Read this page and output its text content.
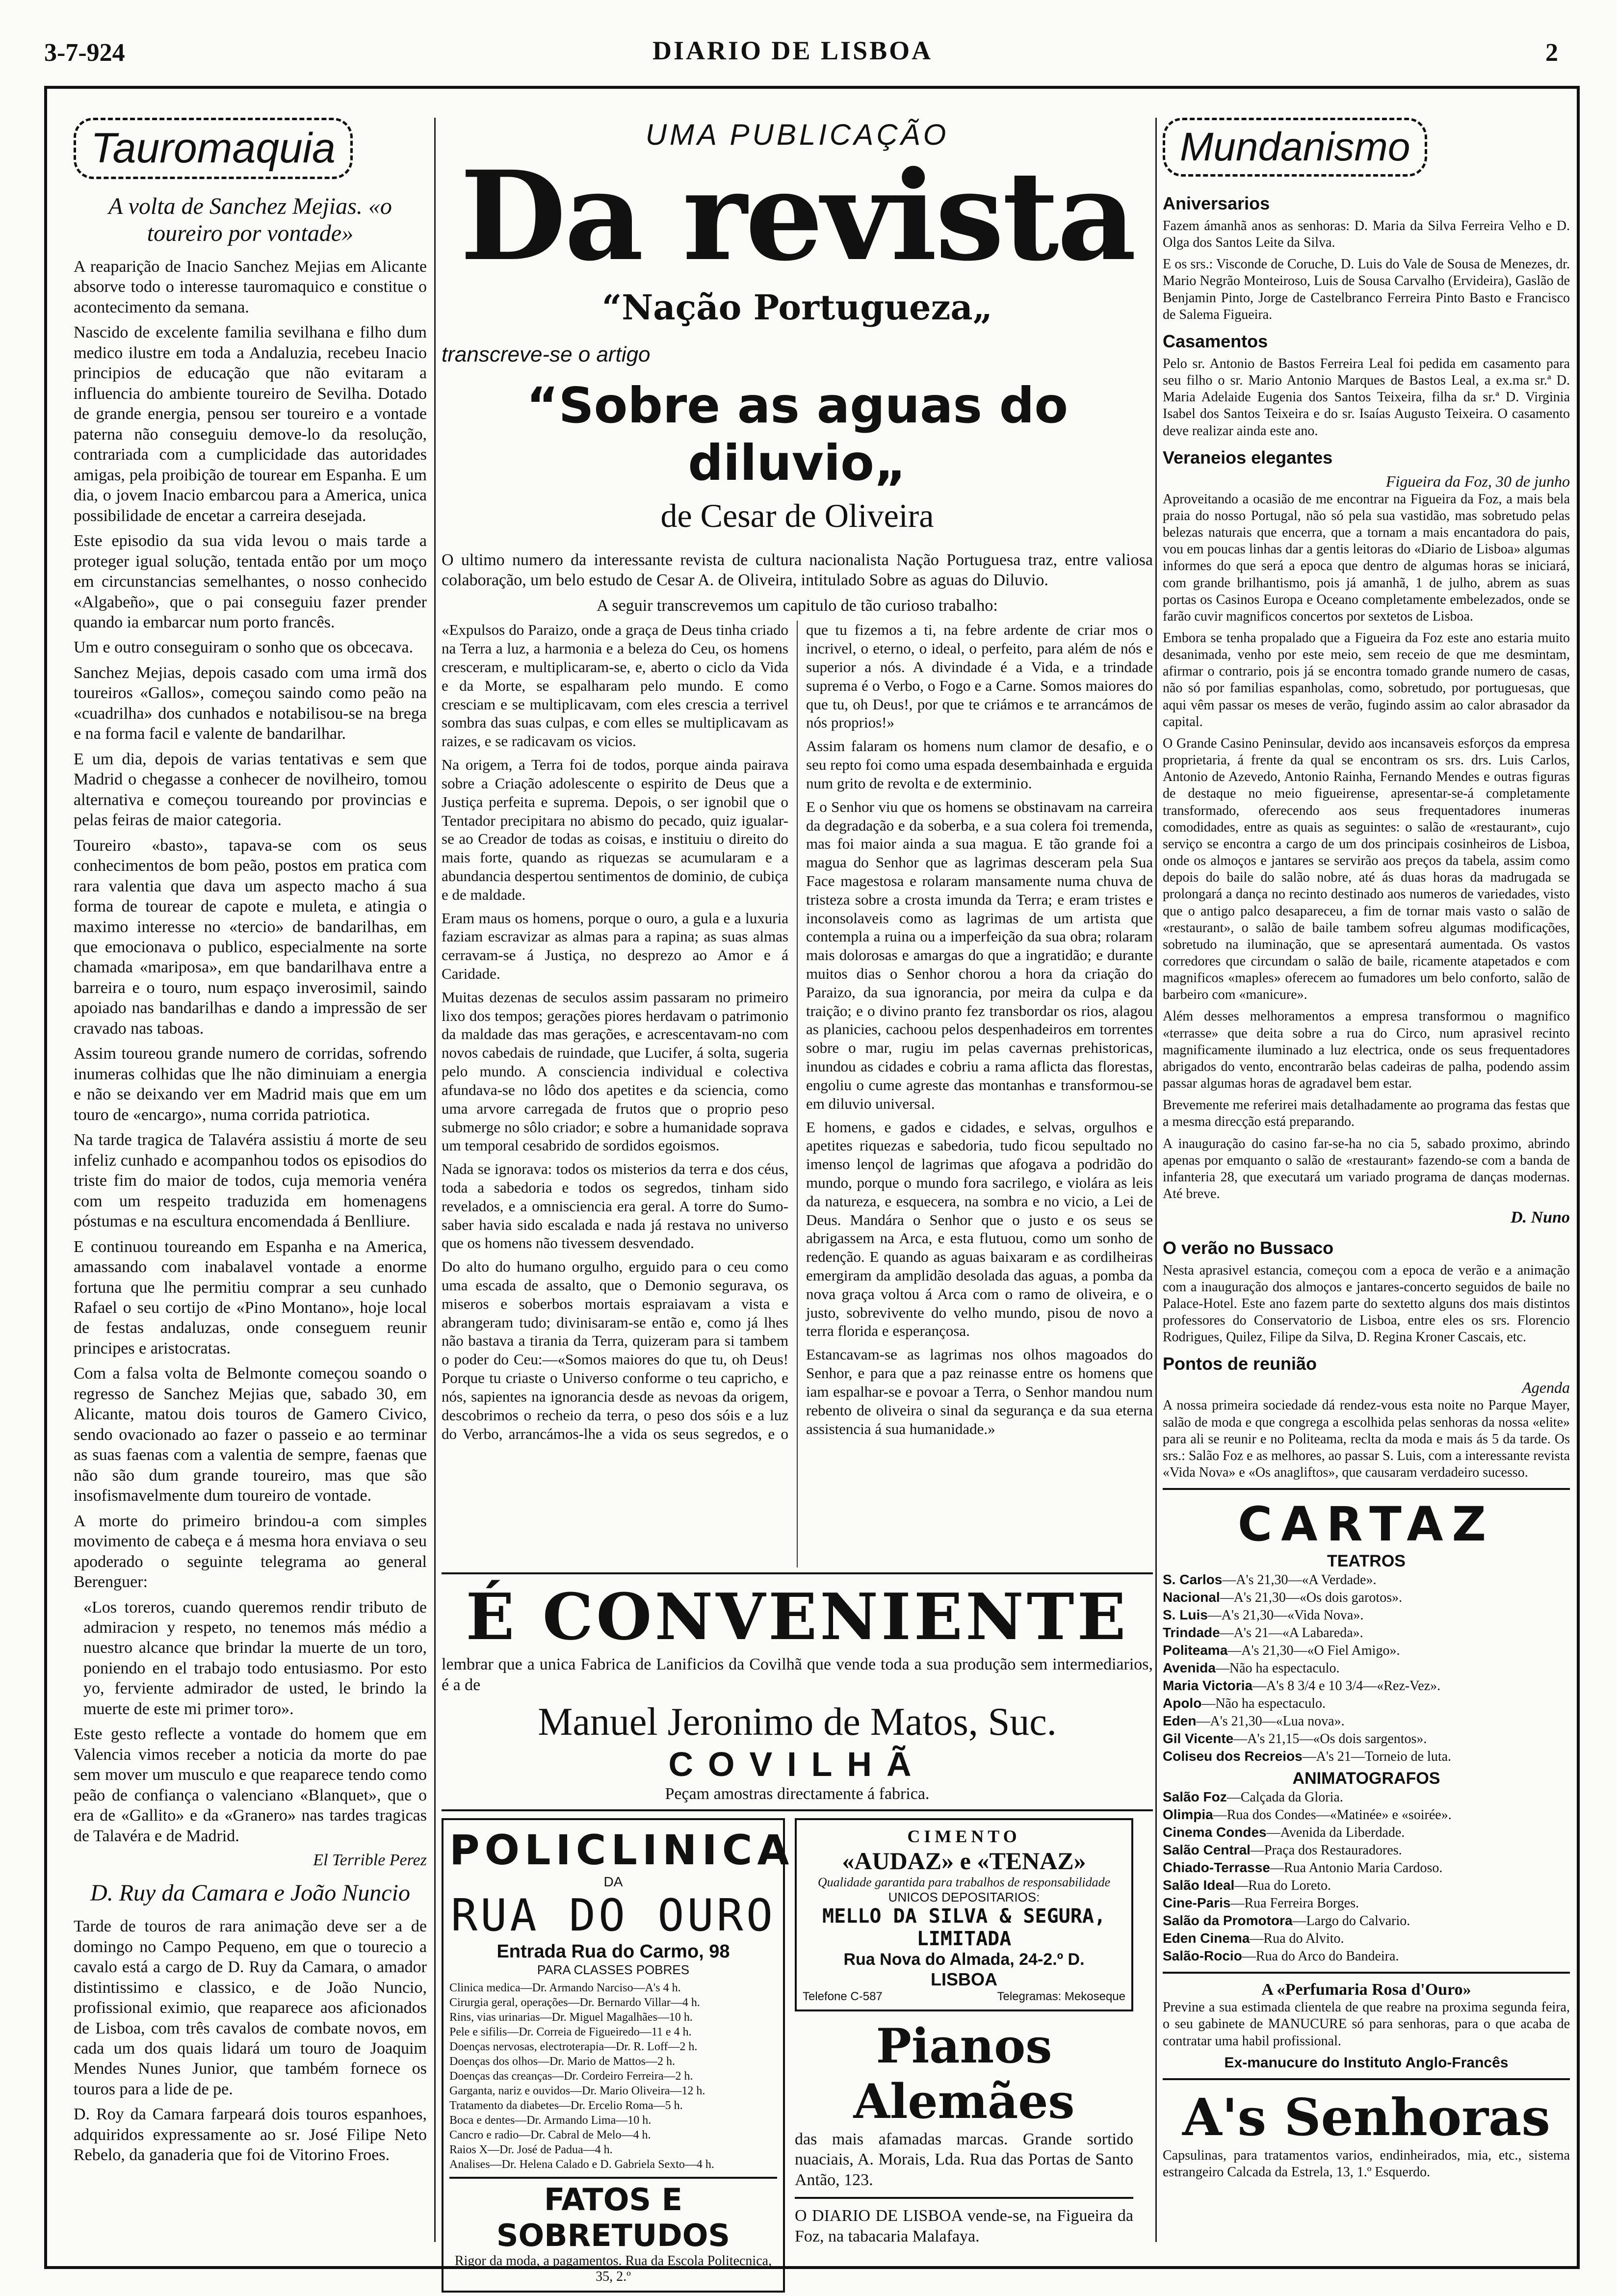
3-7-924	DIARIO DE LISBOA	2
Tauromaquia
A volta de Sanchez Mejias. «o toureiro por vontade»

A reaparição de Inacio Sanchez Mejias em Alicante absorve todo o interesse tauromaquico e constitue o acontecimento da semana.

Nascido de excelente familia sevilhana e filho dum medico ilustre em toda a Andaluzia, recebeu Inacio principios de educação que não evitaram a influencia do ambiente toureiro de Sevilha. Dotado de grande energia, pensou ser toureiro e a vontade paterna não conseguiu demove-lo da resolução, contrariada com a cumplicidade das autoridades amigas, pela proibição de tourear em Espanha. E um dia, o jovem Inacio embarcou para a America, unica possibilidade de encetar a carreira desejada.

Este episodio da sua vida levou o mais tarde a proteger igual solução, tentada então por um moço em circunstancias semelhantes, o nosso conhecido «Algabeño», que o pai conseguiu fazer prender quando ia embarcar num porto francês.

Um e outro conseguiram o sonho que os obcecava.

Sanchez Mejias, depois casado com uma irmã dos toureiros «Gallos», começou saindo como peão na «cuadrilha» dos cunhados e notabilisou-se na brega e na forma facil e valente de bandarilhar.

E um dia, depois de varias tentativas e sem que Madrid o chegasse a conhecer de novilheiro, tomou alternativa e começou toureando por provincias e pelas feiras de maior categoria.

Toureiro «basto», tapava-se com os seus conhecimentos de bom peão, postos em pratica com rara valentia que dava um aspecto macho á sua forma de tourear de capote e muleta, e atingia o maximo interesse no «tercio» de bandarilhas, em que emocionava o publico, especialmente na sorte chamada «mariposa», em que bandarilhava entre a barreira e o touro, num espaço inverosimil, saindo apoiado nas bandarilhas e dando a impressão de ser cravado nas taboas.

Assim toureou grande numero de corridas, sofrendo inumeras colhidas que lhe não diminuiam a energia e não se deixando ver em Madrid mais que em um touro de «encargo», numa corrida patriotica.

Na tarde tragica de Talavéra assistiu á morte de seu infeliz cunhado e acompanhou todos os episodios do triste fim do maior de todos, cuja memoria venéra com um respeito traduzida em homenagens póstumas e na escultura encomendada á Benlliure.

E continuou toureando em Espanha e na America, amassando com inabalavel vontade a enorme fortuna que lhe permitiu comprar a seu cunhado Rafael o seu cortijo de «Pino Montano», hoje local de festas andaluzas, onde conseguem reunir principes e aristocratas.

Com a falsa volta de Belmonte começou soando o regresso de Sanchez Mejias que, sabado 30, em Alicante, matou dois touros de Gamero Civico, sendo ovacionado ao fazer o passeio e ao terminar as suas faenas com a valentia de sempre, faenas que não são dum grande toureiro, mas que são insofismavelmente dum toureiro de vontade.

A morte do primeiro brindou-a com simples movimento de cabeça e á mesma hora enviava o seu apoderado o seguinte telegrama ao general Berenguer:

«Los toreros, cuando queremos rendir tributo de admiracion y respeto, no tenemos más médio a nuestro alcance que brindar la muerte de un toro, poniendo en el trabajo todo entusiasmo. Por esto yo, ferviente admirador de usted, le brindo la muerte de este mi primer toro».

Este gesto reflecte a vontade do homem que em Valencia vimos receber a noticia da morte do pae sem mover um musculo e que reaparece tendo como peão de confiança o valenciano «Blanquet», que o era de «Gallito» e da «Granero» nas tardes tragicas de Talavéra e de Madrid.

El Terrible Perez
D. Ruy da Camara e João Nuncio

Tarde de touros de rara animação deve ser a de domingo no Campo Pequeno, em que o tourecio a cavalo está a cargo de D. Ruy da Camara, o amador distintissimo e classico, e de João Nuncio, profissional eximio, que reaparece aos aficionados de Lisboa, com três cavalos de combate novos, em cada um dos quais lidará um touro de Joaquim Mendes Nunes Junior, que também fornece os touros para a lide de pe.

D. Roy da Camara farpeará dois touros espanhoes, adquiridos expressamente ao sr. José Filipe Neto Rebelo, da ganaderia que foi de Vitorino Froes.

UMA PUBLICAÇÃO
Da revista
“Nação Portugueza„
transcreve-se o artigo
“Sobre as aguas do diluvio„
de Cesar de Oliveira

O ultimo numero da interessante revista de cultura nacionalista Nação Portuguesa traz, entre valiosa colaboração, um belo estudo de Cesar A. de Oliveira, intitulado Sobre as aguas do Diluvio.

A seguir transcrevemos um capitulo de tão curioso trabalho:

«Expulsos do Paraizo, onde a graça de Deus tinha criado na Terra a luz, a harmonia e a beleza do Ceu, os homens cresceram, e multiplicaram-se, e, aberto o ciclo da Vida e da Morte, se espalharam pelo mundo. E como cresciam e se multiplicavam, com eles crescia a terrivel sombra das suas culpas, e com elles se multiplicavam as raizes, e se radicavam os vicios.

Na origem, a Terra foi de todos, porque ainda pairava sobre a Criação adolescente o espirito de Deus que a Justiça perfeita e suprema. Depois, o ser ignobil que o Tentador precipitara no abismo do pecado, quiz igualar-se ao Creador de todas as coisas, e instituiu o direito do mais forte, quando as riquezas se acumularam e a abundancia despertou sentimentos de dominio, de cubiça e de maldade.

Eram maus os homens, porque o ouro, a gula e a luxuria faziam escravizar as almas para a rapina; as suas almas cerravam-se á Justiça, no desprezo ao Amor e á Caridade.

Muitas dezenas de seculos assim passaram no primeiro lixo dos tempos; gerações piores herdavam o patrimonio da maldade das mas gerações, e acrescentavam-no com novos cabedais de ruindade, que Lucifer, á solta, sugeria pelo mundo. A consciencia individual e colectiva afundava-se no lôdo dos apetites e da sciencia, como uma arvore carregada de frutos que o proprio peso submerge no sôlo criador; e sobre a humanidade soprava um temporal cesabrido de sordidos egoismos.

Nada se ignorava: todos os misterios da terra e dos céus, toda a sabedoria e todos os segredos, tinham sido revelados, e a omnisciencia era geral. A torre do Sumo-saber havia sido escalada e nada já restava no universo que os homens não tivessem desvendado.

Do alto do humano orgulho, erguido para o ceu como uma escada de assalto, que o Demonio segurava, os miseros e soberbos mortais espraiavam a vista e abrangeram tudo; divinisaram-se então e, como já lhes não bastava a tirania da Terra, quizeram para si tambem o poder do Ceu:—«Somos maiores do que tu, oh Deus! Porque tu criaste o Universo conforme o teu capricho, e nós, sapientes na ignorancia desde as nevoas da origem, descobrimos o recheio da terra, o peso dos sóis e a luz do Verbo, arrancámos-lhe a vida os seus segredos, e o que tu fizemos a ti, na febre ardente de criar mos o incrivel, o eterno, o ideal, o perfeito, para além de nós e superior a nós. A divindade é a Vida, e a trindade suprema é o Verbo, o Fogo e a Carne. Somos maiores do que tu, oh Deus!, por que te criámos e te arrancámos de nós proprios!»

Assim falaram os homens num clamor de desafio, e o seu repto foi como uma espada desembainhada e erguida num grito de revolta e de exterminio.

E o Senhor viu que os homens se obstinavam na carreira da degradação e da soberba, e a sua colera foi tremenda, mas foi maior ainda a sua magua. E tão grande foi a magua do Senhor que as lagrimas desceram pela Sua Face magestosa e rolaram mansamente numa chuva de tristeza sobre a crosta imunda da Terra; e eram tristes e inconsolaveis como as lagrimas de um artista que contempla a ruina ou a imperfeição da sua obra; rolaram mais dolorosas e amargas do que a ingratidão; e durante muitos dias o Senhor chorou a hora da criação do Paraizo, da sua ignorancia, por meira da culpa e da traição; e o divino pranto fez transbordar os rios, alagou as planicies, cachoou pelos despenhadeiros em torrentes sobre o mar, rugiu im pelas cavernas prehistoricas, inundou as cidades e cobriu a rama aflicta das florestas, engoliu o cume agreste das montanhas e transformou-se em diluvio universal.

E homens, e gados e cidades, e selvas, orgulhos e apetites riquezas e sabedoria, tudo ficou sepultado no imenso lençol de lagrimas que afogava a podridão do mundo, porque o mundo fora sacrilego, e violára as leis da natureza, e esquecera, na sombra e no vicio, a Lei de Deus. Mandára o Senhor que o justo e os seus se abrigassem na Arca, e esta flutuou, como um sonho de redenção. E quando as aguas baixaram e as cordilheiras emergiram da amplidão desolada das aguas, a pomba da nova graça voltou á Arca com o ramo de oliveira, e o justo, sobrevivente do velho mundo, pisou de novo a terra florida e esperançosa.

Estancavam-se as lagrimas nos olhos magoados do Senhor, e para que a paz reinasse entre os homens que iam espalhar-se e povoar a Terra, o Senhor mandou num rebento de oliveira o sinal da segurança e da sua eterna assistencia á sua humanidade.»

É CONVENIENTE

lembrar que a unica Fabrica de Lanificios da Covilhã que vende toda a sua produção sem intermediarios, é a de

Manuel Jeronimo de Matos, Suc.
COVILHÃ

Peçam amostras directamente á fabrica.

POLICLINICA
DA
RUA DO OURO
Entrada Rua do Carmo, 98
PARA CLASSES POBRES
Clinica medica—Dr. Armando Narciso—A's 4 h.
Cirurgia geral, operações—Dr. Bernardo Villar—4 h.
Rins, vias urinarias—Dr. Miguel Magalhães—10 h.
Pele e sifilis—Dr. Correia de Figueiredo—11 e 4 h.
Doenças nervosas, electroterapia—Dr. R. Loff—2 h.
Doenças dos olhos—Dr. Mario de Mattos—2 h.
Doenças das creanças—Dr. Cordeiro Ferreira—2 h.
Garganta, nariz e ouvidos—Dr. Mario Oliveira—12 h.
Tratamento da diabetes—Dr. Ercelio Roma—5 h.
Boca e dentes—Dr. Armando Lima—10 h.
Cancro e radio—Dr. Cabral de Melo—4 h.
Raios X—Dr. José de Padua—4 h.
Analises—Dr. Helena Calado e D. Gabriela Sexto—4 h.
FATOS E SOBRETUDOS
Rigor da moda, a pagamentos. Rua da Escola Politecnica, 35, 2.º
CIMENTO
«AUDAZ» e «TENAZ»
Qualidade garantida para trabalhos de responsabilidade
UNICOS DEPOSITARIOS:
MELLO DA SILVA & SEGURA, LIMITADA
Rua Nova do Almada, 24-2.º D.
LISBOA
Telefone C-587	Telegramas: Mekoseque
Pianos Alemães

das mais afamadas marcas. Grande sortido nuaciais, A. Morais, Lda. Rua das Portas de Santo Antão, 123.

O DIARIO DE LISBOA vende-se, na Figueira da Foz, na tabacaria Malafaya.

Mundanismo
Aniversarios

Fazem ámanhã anos as senhoras: D. Maria da Silva Ferreira Velho e D. Olga dos Santos Leite da Silva.

E os srs.: Visconde de Coruche, D. Luis do Vale de Sousa de Menezes, dr. Mario Negrão Monteiroso, Luis de Sousa Carvalho (Ervideira), Gaslão de Benjamin Pinto, Jorge de Castelbranco Ferreira Pinto Basto e Francisco de Salema Figueira.

Casamentos

Pelo sr. Antonio de Bastos Ferreira Leal foi pedida em casamento para seu filho o sr. Mario Antonio Marques de Bastos Leal, a ex.ma sr.ª D. Maria Adelaide Eugenia dos Santos Teixeira, filha da sr.ª D. Virginia Isabel dos Santos Teixeira e do sr. Isaías Augusto Teixeira. O casamento deve realizar ainda este ano.

Veraneios elegantes
Figueira da Foz, 30 de junho

Aproveitando a ocasião de me encontrar na Figueira da Foz, a mais bela praia do nosso Portugal, não só pela sua vastidão, mas sobretudo pelas belezas naturais que encerra, que a tornam a mais encantadora do pais, vou em poucas linhas dar a gentis leitoras do «Diario de Lisboa» algumas informes do que será a epoca que dentro de algumas horas se iniciará, com grande brilhantismo, pois já amanhã, 1 de julho, abrem as suas portas os Casinos Europa e Oceano completamente embelezados, onde se farão cuvir magnificos concertos por sextetos de Lisboa.

Embora se tenha propalado que a Figueira da Foz este ano estaria muito desanimada, venho por este meio, sem receio de que me desmintam, afirmar o contrario, pois já se encontra tomado grande numero de casas, não só por familias espanholas, como, sobretudo, por portuguesas, que aqui vêm passar os meses de verão, fugindo assim ao calor abrasador da capital.

O Grande Casino Peninsular, devido aos incansaveis esforços da empresa proprietaria, á frente da qual se encontram os srs. drs. Luis Carlos, Antonio de Azevedo, Antonio Rainha, Fernando Mendes e outras figuras de destaque no meio figueirense, apresentar-se-á completamente transformado, oferecendo aos seus frequentadores inumeras comodidades, entre as quais as seguintes: o salão de «restaurant», cujo serviço se encontra a cargo de um dos principais cosinheiros de Lisboa, onde os almoços e jantares se servirão aos preços da tabela, assim como depois do baile do salão nobre, até ás duas horas da madrugada se prolongará a dança no recinto destinado aos numeros de variedades, visto que o antigo palco desapareceu, a fim de tornar mais vasto o salão de «restaurant», o salão de baile tambem sofreu algumas modificações, sobretudo na iluminação, que se apresentará aumentada. Os vastos corredores que circundam o salão de baile, ricamente atapetados e com magnificos «maples» oferecem ao fumadores um belo conforto, salão de barbeiro com «manicure».

Além desses melhoramentos a empresa transformou o magnifico «terrasse» que deita sobre a rua do Circo, num aprasivel recinto magnificamente iluminado a luz electrica, onde os seus frequentadores abrigados do vento, encontrarão belas cadeiras de palha, podendo assim passar algumas horas de agradavel bem estar.

Brevemente me referirei mais detalhadamente ao programa das festas que a mesma direcção está preparando.

A inauguração do casino far-se-ha no cia 5, sabado proximo, abrindo apenas por emquanto o salão de «restaurant» fazendo-se com a banda de infanteria 28, que executará um variado programa de danças modernas. Até breve.

D. Nuno
O verão no Bussaco

Nesta aprasivel estancia, começou com a epoca de verão e a animação com a inauguração dos almoços e jantares-concerto seguidos de baile no Palace-Hotel. Este ano fazem parte do sextetto alguns dos mais distintos professores do Conservatorio de Lisboa, entre eles os srs. Florencio Rodrigues, Quilez, Filipe da Silva, D. Regina Kroner Cascais, etc.

Pontos de reunião
Agenda

A nossa primeira sociedade dá rendez-vous esta noite no Parque Mayer, salão de moda e que congrega a escolhida pelas senhoras da nossa «elite» para ali se reunir e no Politeama, reclta da moda e mais ás 5 da tarde. Os srs.: Salão Foz e as melhores, ao passar S. Luis, com a interessante revista «Vida Nova» e «Os anagliftos», que causaram verdadeiro sucesso.

CARTAZ
TEATROS
S. Carlos—A's 21,30—«A Verdade».
Nacional—A's 21,30—«Os dois garotos».
S. Luis—A's 21,30—«Vida Nova».
Trindade—A's 21—«A Labareda».
Politeama—A's 21,30—«O Fiel Amigo».
Avenida—Não ha espectaculo.
Maria Victoria—A's 8 3/4 e 10 3/4—«Rez-Vez».
Apolo—Não ha espectaculo.
Eden—A's 21,30—«Lua nova».
Gil Vicente—A's 21,15—«Os dois sargentos».
Coliseu dos Recreios—A's 21—Torneio de luta.
ANIMATOGRAFOS
Salão Foz—Calçada da Gloria.
Olimpia—Rua dos Condes—«Matinée» e «soirée».
Cinema Condes—Avenida da Liberdade.
Salão Central—Praça dos Restauradores.
Chiado-Terrasse—Rua Antonio Maria Cardoso.
Salão Ideal—Rua do Loreto.
Cine-Paris—Rua Ferreira Borges.
Salão da Promotora—Largo do Calvario.
Eden Cinema—Rua do Alvito.
Salão-Rocio—Rua do Arco do Bandeira.
A «Perfumaria Rosa d'Ouro»

Previne a sua estimada clientela de que reabre na proxima segunda feira, o seu gabinete de MANUCURE só para senhoras, para o que acaba de contratar uma habil profissional.

Ex-manucure do Instituto Anglo-Francês
A's Senhoras

Capsulinas, para tratamentos varios, endinheirados, mia, etc., sistema estrangeiro Calcada da Estrela, 13, 1.º Esquerdo.
